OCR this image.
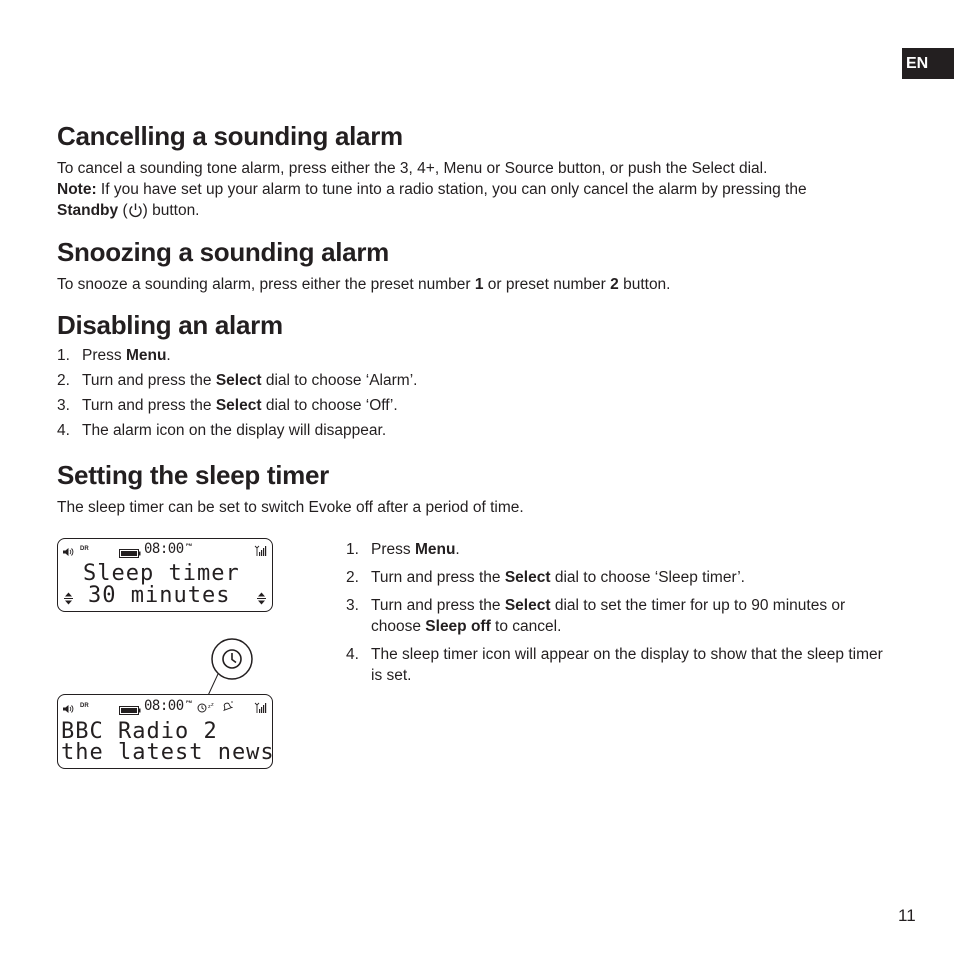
EN
Cancelling a sounding alarm

To cancel a sounding tone alarm, press either the 3, 4+, Menu or Source button, or push the Select dial.
Note: If you have set up your alarm to tune into a radio station, you can only cancel the alarm by pressing the
Standby ( ) button.

Snoozing a sounding alarm

To snooze a sounding alarm, press either the preset number 1 or preset number 2 button.

Disabling an alarm
1. Press Menu.
2. Turn and press the Select dial to choose ‘Alarm’.
3. Turn and press the Select dial to choose ‘Off’.
4. The alarm icon on the display will disappear.
Setting the sleep timer

The sleep timer can be set to switch Evoke off after a period of time.

1. Press Menu.
2. Turn and press the Select dial to choose ‘Sleep timer’.
3. Turn and press the Select dial to set the timer for up to 90 minutes or choose Sleep off to cancel.
4. The sleep timer icon will appear on the display to show that the sleep timer is set.
DR	08:00 PM
Sleep timer
30 minutes
DR	08:00 PM
z z
BBC Radio 2
the latest news
11
